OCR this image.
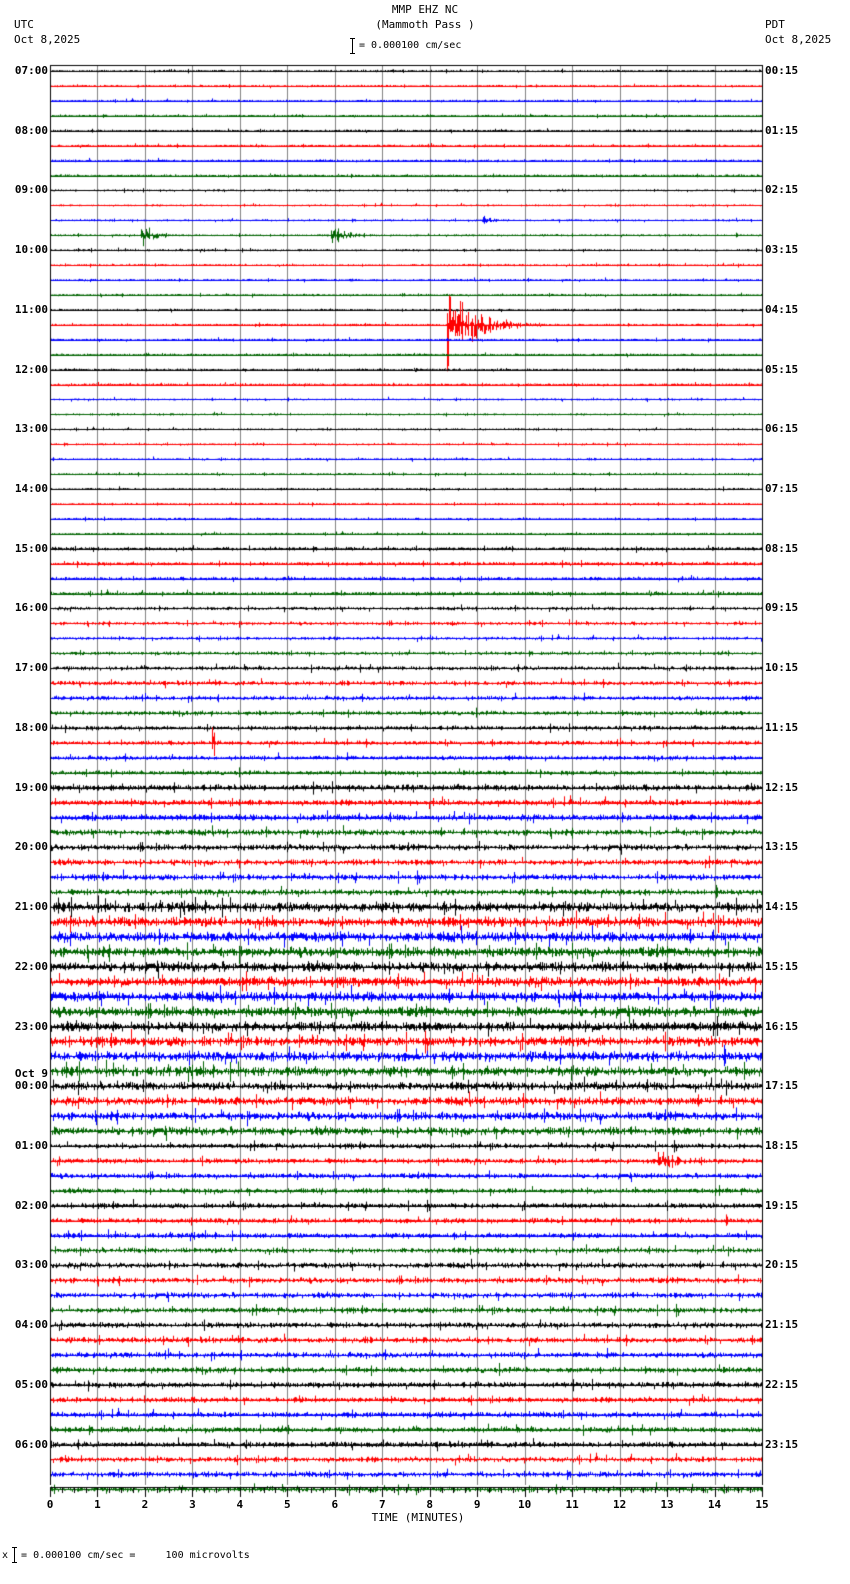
MMP EHZ NC
(Mammoth Pass )
UTC
Oct 8,2025
PDT
Oct 8,2025
= 0.000100 cm/sec
07:00
08:00
09:00
10:00
11:00
12:00
13:00
14:00
15:00
16:00
17:00
18:00
19:00
20:00
21:00
22:00
23:00
Oct 9
00:00
01:00
02:00
03:00
04:00
05:00
06:00
00:15
01:15
02:15
03:15
04:15
05:15
06:15
07:15
08:15
09:15
10:15
11:15
12:15
13:15
14:15
15:15
16:15
17:15
18:15
19:15
20:15
21:15
22:15
23:15
0	1	2	3	4	5	6	7	8	9	10	11	12	13	14	15
TIME (MINUTES)
х = 0.000100 cm/sec =     100 microvolts
